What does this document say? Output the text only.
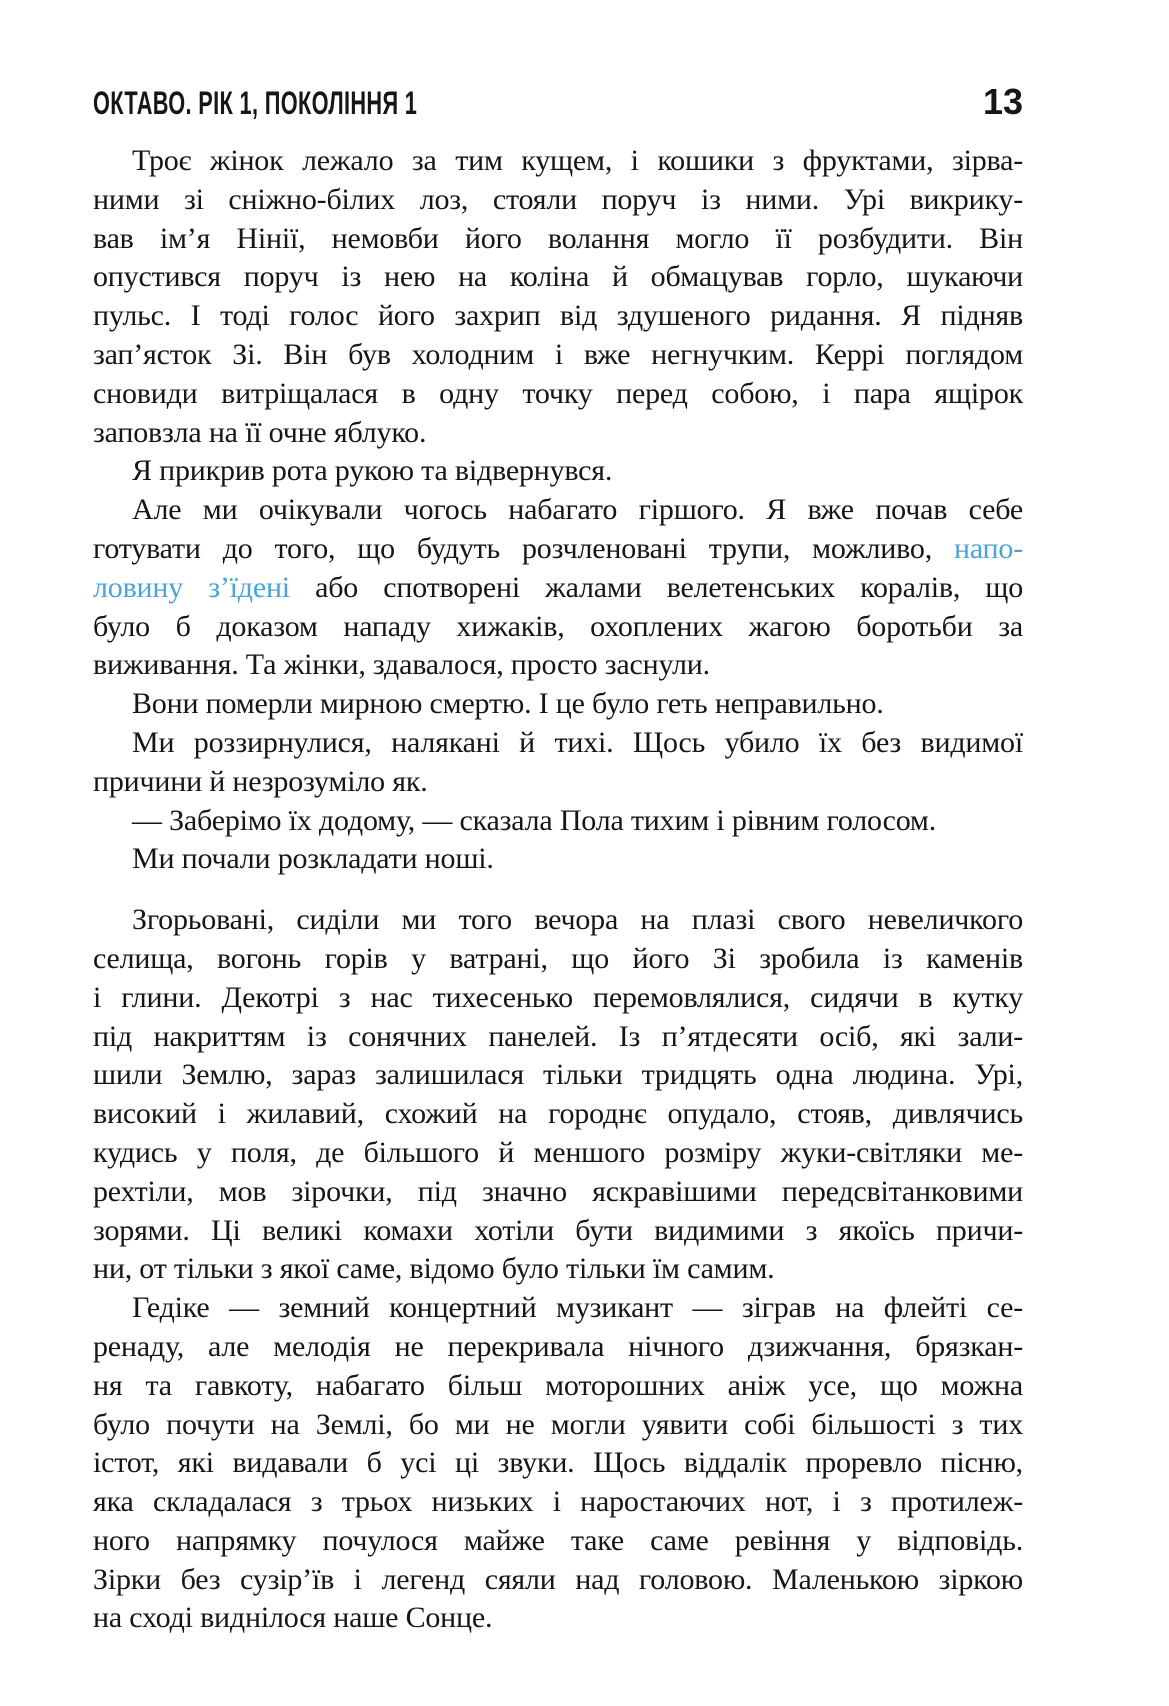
ОКТАВО. РІК 1, ПОКОЛІННЯ 1	13
Троє жінок лежало за тим кущем, і кошики з фруктами, зірва-
ними зі сніжно-білих лоз, стояли поруч із ними. Урі викрику-
вав ім’я Нінії, немовби його волання могло її розбудити. Він
опустився поруч із нею на коліна й обмацував горло, шукаючи
пульс. І тоді голос його захрип від здушеного ридання. Я підняв
зап’ясток Зі. Він був холодним і вже негнучким. Керрі поглядом
сновиди витріщалася в одну точку перед собою, і пара ящірок
заповзла на її очне яблуко.
Я прикрив рота рукою та відвернувся.
Але ми очікували чогось набагато гіршого. Я вже почав себе
готувати до того, що будуть розчленовані трупи, можливо, напо-
ловину з’їдені або спотворені жалами велетенських коралів, що
було б доказом нападу хижаків, охоплених жагою боротьби за
виживання. Та жінки, здавалося, просто заснули.
Вони померли мирною смертю. І це було геть неправильно.
Ми роззирнулися, налякані й тихі. Щось убило їх без видимої
причини й незрозуміло як.
— Заберімо їх додому, — сказала Пола тихим і рівним голосом.
Ми почали розкладати ноші.
Згорьовані, сиділи ми того вечора на плазі свого невеличкого
селища, вогонь горів у ватрані, що його Зі зробила із каменів
і глини. Декотрі з нас тихесенько перемовлялися, сидячи в кутку
під накриттям із сонячних панелей. Із п’ятдесяти осіб, які зали-
шили Землю, зараз залишилася тільки тридцять одна людина. Урі,
високий і жилавий, схожий на городнє опудало, стояв, дивлячись
кудись у поля, де більшого й меншого розміру жуки-світляки ме-
рехтіли, мов зірочки, під значно яскравішими передсвітанковими
зорями. Ці великі комахи хотіли бути видимими з якоїсь причи-
ни, от тільки з якої саме, відомо було тільки їм самим.
Гедіке — земний концертний музикант — зіграв на флейті се-
ренаду, але мелодія не перекривала нічного дзижчання, брязкан-
ня та гавкоту, набагато більш моторошних аніж усе, що можна
було почути на Землі, бо ми не могли уявити собі більшості з тих
істот, які видавали б усі ці звуки. Щось віддалік проревло пісню,
яка складалася з трьох низьких і наростаючих нот, і з протилеж-
ного напрямку почулося майже таке саме ревіння у відповідь.
Зірки без сузір’їв і легенд сяяли над головою. Маленькою зіркою
на сході виднілося наше Сонце.
